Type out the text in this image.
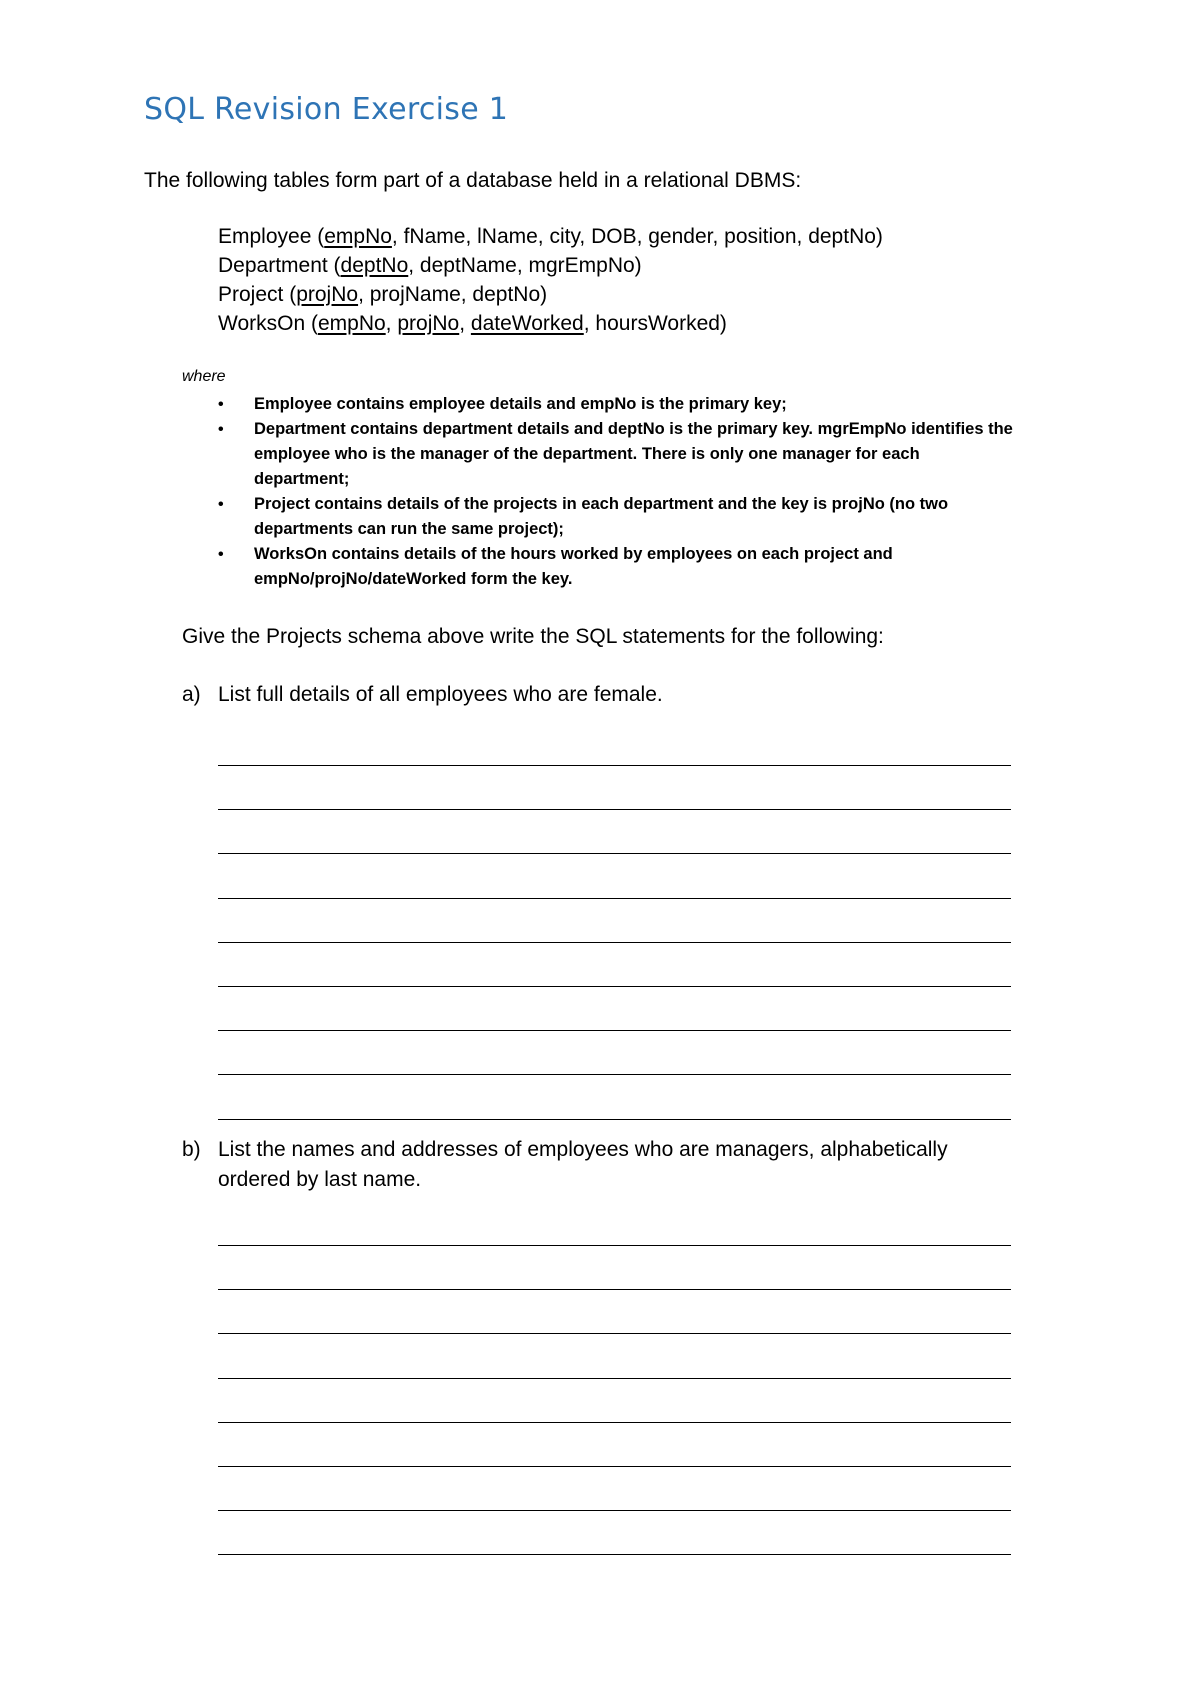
SQL Revision Exercise 1

The following tables form part of a database held in a relational DBMS:

Employee (empNo, fName, lName, city, DOB, gender, position, deptNo)
Department (deptNo, deptName, mgrEmpNo)
Project (projNo, projName, deptNo)
WorksOn (empNo, projNo, dateWorked, hoursWorked)
where
• Employee contains employee details and empNo is the primary key;
• Department contains department details and deptNo is the primary key. mgrEmpNo identifies the employee who is the manager of the department. There is only one manager for each department;
• Project contains details of the projects in each department and the key is projNo (no two departments can run the same project);
• WorksOn contains details of the hours worked by employees on each project and empNo/projNo/dateWorked form the key.

Give the Projects schema above write the SQL statements for the following:

a) List full details of all employees who are female.
b) List the names and addresses of employees who are managers, alphabetically ordered by last name.
